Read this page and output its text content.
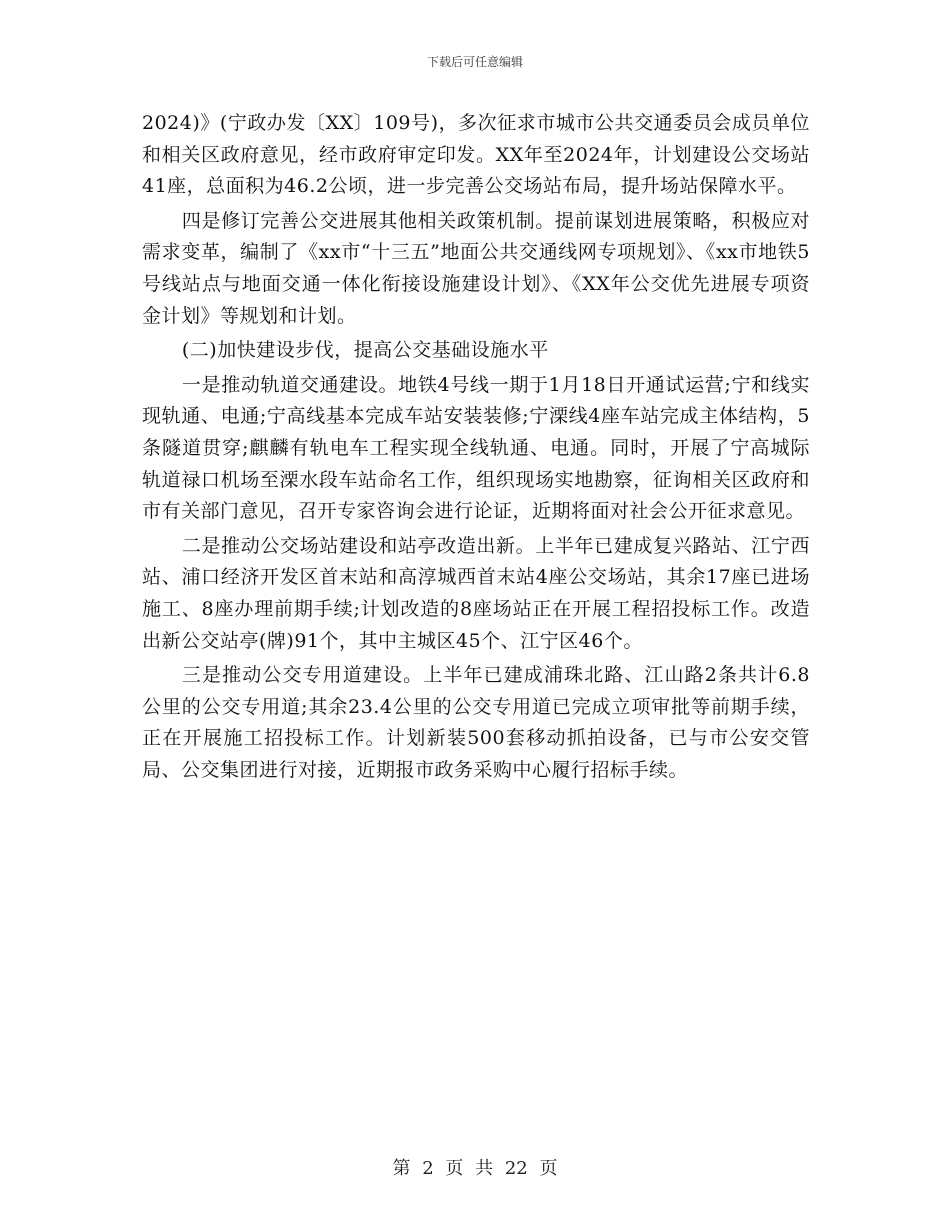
下载后可任意编辑

2024)》(宁政办发〔XX〕109号)，多次征求市城市公共交通委员会成员单位和相关区政府意见，经市政府审定印发。XX年至2024年，计划建设公交场站41座，总面积为46.2公顷，进一步完善公交场站布局，提升场站保障水平。

四是修订完善公交进展其他相关政策机制。提前谋划进展策略，积极应对需求变革，编制了《xx市“十三五”地面公共交通线网专项规划》、《xx市地铁5号线站点与地面交通一体化衔接设施建设计划》、《XX年公交优先进展专项资金计划》等规划和计划。

(二)加快建设步伐，提高公交基础设施水平

一是推动轨道交通建设。地铁4号线一期于1月18日开通试运营;宁和线实现轨通、电通;宁高线基本完成车站安装装修;宁溧线4座车站完成主体结构，5条隧道贯穿;麒麟有轨电车工程实现全线轨通、电通。同时，开展了宁高城际轨道禄口机场至溧水段车站命名工作，组织现场实地勘察，征询相关区政府和市有关部门意见，召开专家咨询会进行论证，近期将面对社会公开征求意见。

二是推动公交场站建设和站亭改造出新。上半年已建成复兴路站、江宁西站、浦口经济开发区首末站和高淳城西首末站4座公交场站，其余17座已进场施工、8座办理前期手续;计划改造的8座场站正在开展工程招投标工作。改造出新公交站亭(牌)91个，其中主城区45个、江宁区46个。

三是推动公交专用道建设。上半年已建成浦珠北路、江山路2条共计6.8公里的公交专用道;其余23.4公里的公交专用道已完成立项审批等前期手续，正在开展施工招投标工作。计划新装500套移动抓拍设备，已与市公安交管局、公交集团进行对接，近期报市政务采购中心履行招标手续。

第 2 页 共 22 页
